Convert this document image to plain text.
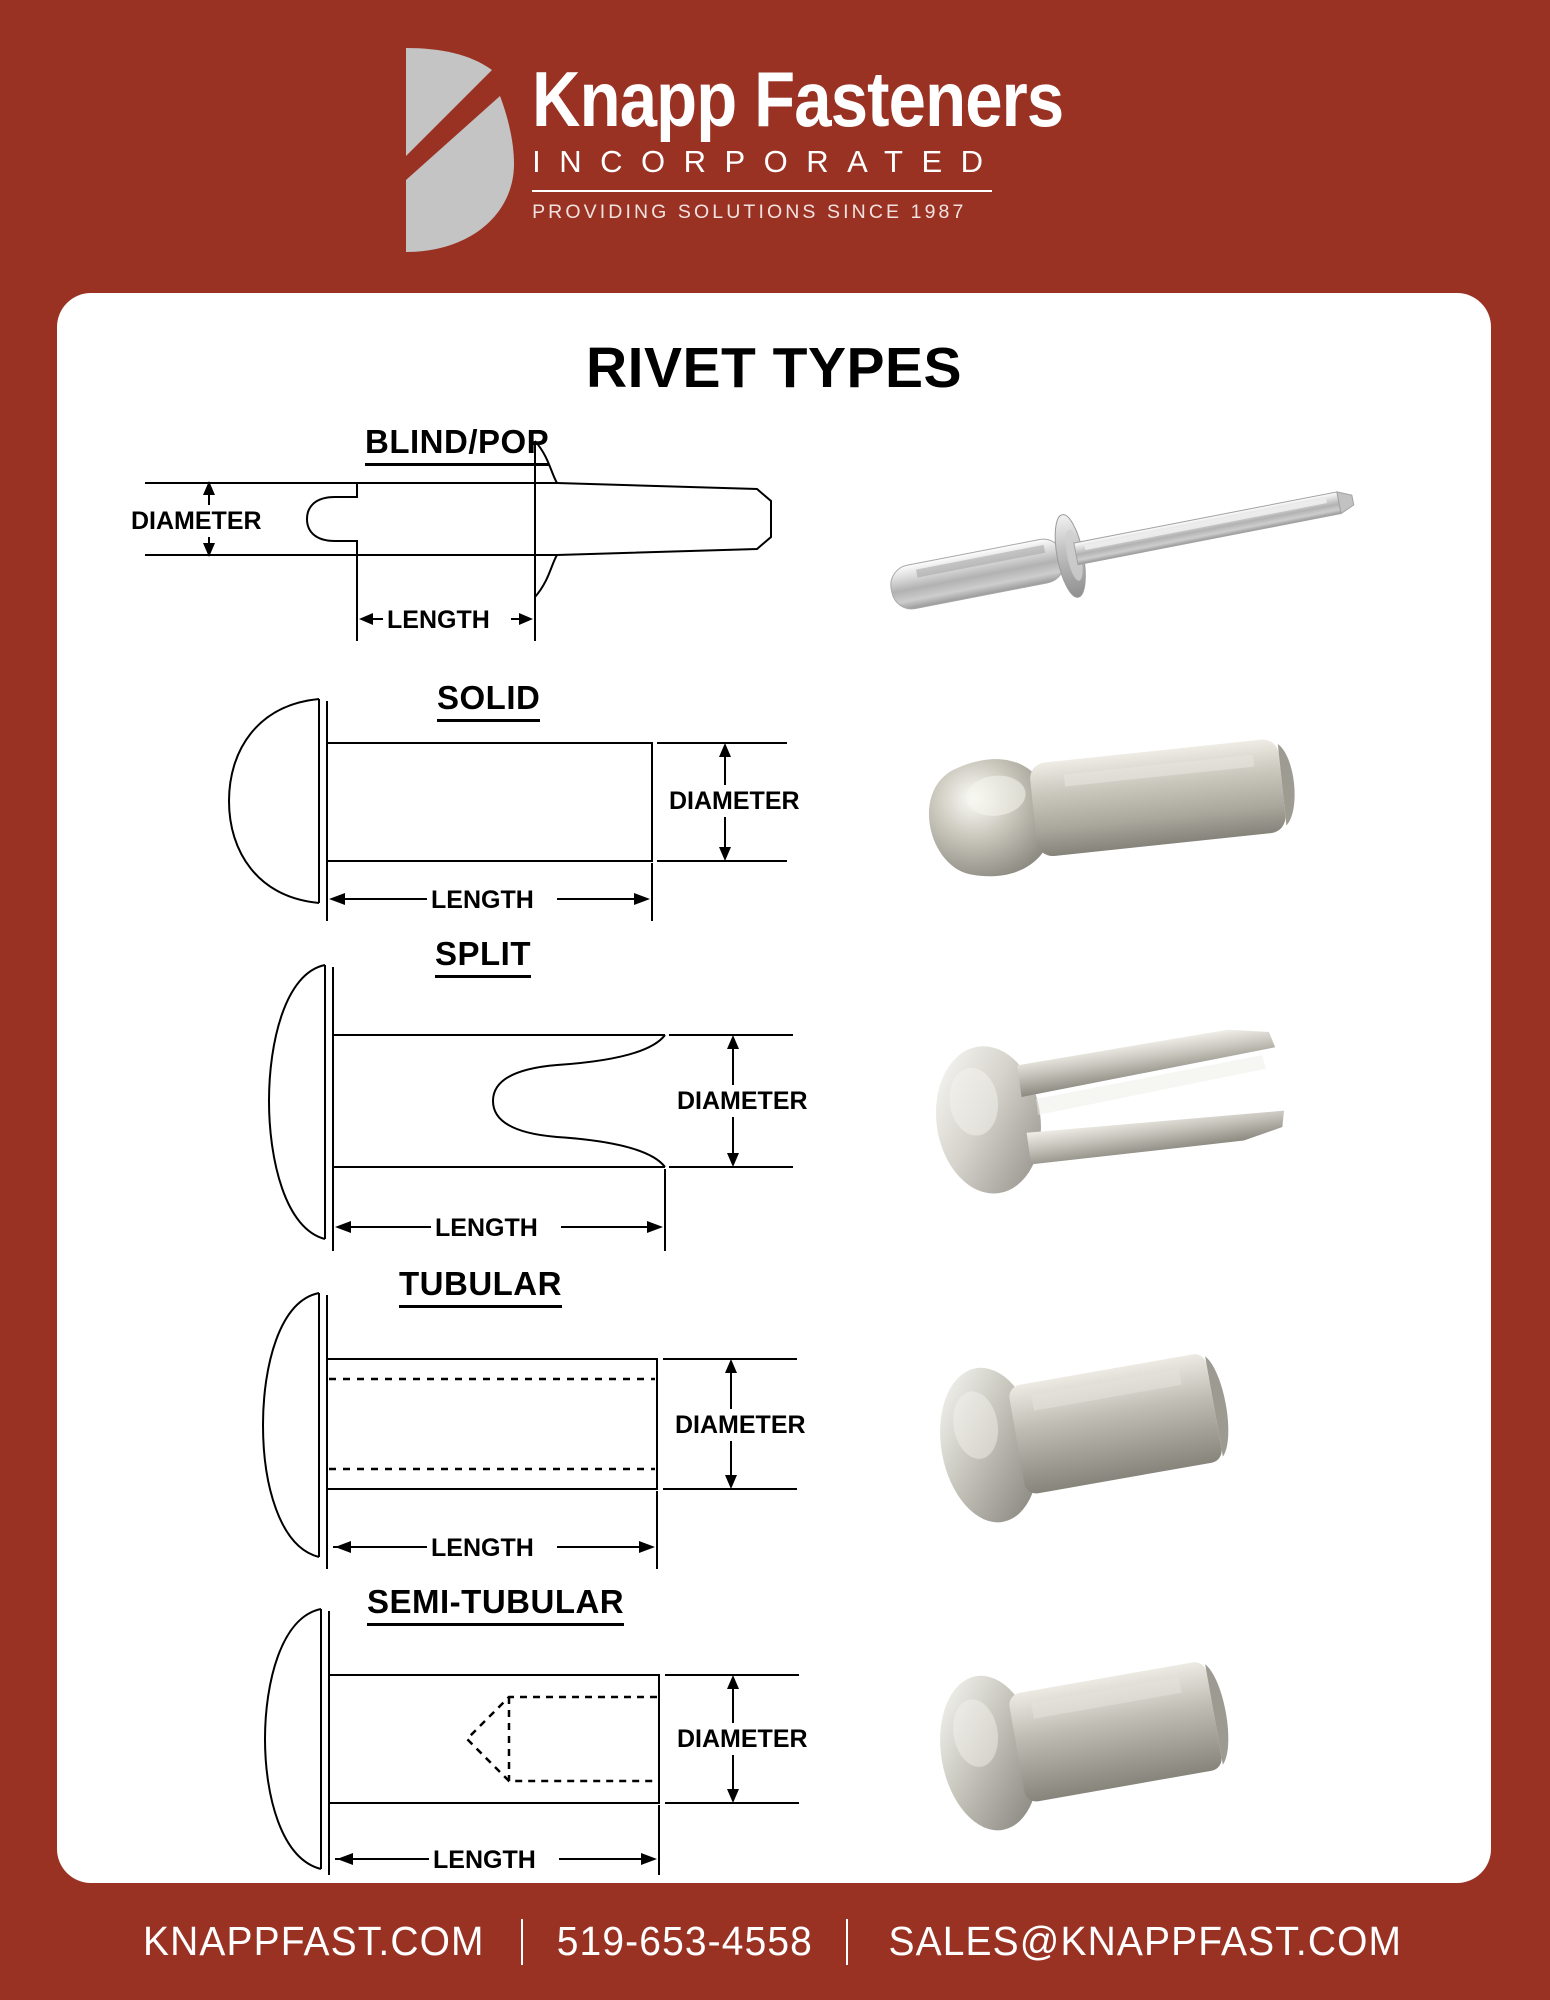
Knapp Fasteners
INCORPORATED
PROVIDING SOLUTIONS SINCE 1987
RIVET TYPES
BLIND/POP
DIAMETER
LENGTH
SOLID
DIAMETER
LENGTH
SPLIT
DIAMETER
LENGTH
TUBULAR
DIAMETER
LENGTH
SEMI-TUBULAR
DIAMETER
LENGTH
KNAPPFAST.COM 519-653-4558 SALES@KNAPPFAST.COM
